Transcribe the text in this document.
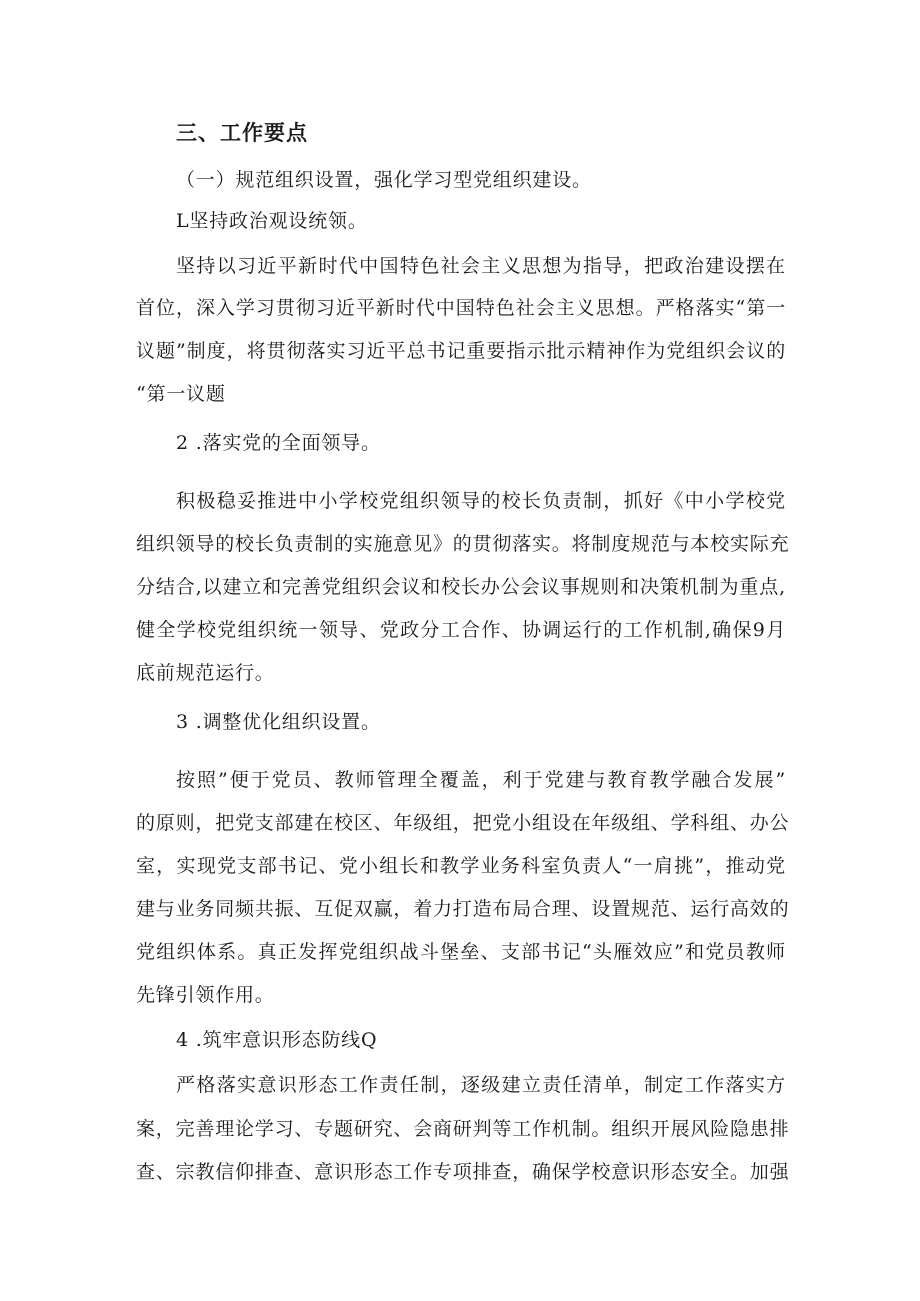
三、工作要点
（一）规范组织设置，强化学习型党组织建设。
L坚持政治观设统领。
坚持以习近平新时代中国特色社会主义思想为指导，把政治建设摆在
首位，深入学习贯彻习近平新时代中国特色社会主义思想。严格落实“第一
议题”制度，将贯彻落实习近平总书记重要指示批示精神作为党组织会议的
“第一议题
2 .落实党的全面领导。
积极稳妥推进中小学校党组织领导的校长负责制，抓好《中小学校党
组织领导的校长负责制的实施意见》的贯彻落实。将制度规范与本校实际充
分结合,以建立和完善党组织会议和校长办公会议事规则和决策机制为重点,
健全学校党组织统一领导、党政分工合作、协调运行的工作机制,确保9月
底前规范运行。
3 .调整优化组织设置。
按照”便于党员、教师管理全覆盖，利于党建与教育教学融合发展”
的原则，把党支部建在校区、年级组，把党小组设在年级组、学科组、办公
室，实现党支部书记、党小组长和教学业务科室负责人“一肩挑”，推动党
建与业务同频共振、互促双赢，着力打造布局合理、设置规范、运行高效的
党组织体系。真正发挥党组织战斗堡垒、支部书记“头雁效应”和党员教师
先锋引领作用。
4 .筑牢意识形态防线Q
严格落实意识形态工作责任制，逐级建立责任清单，制定工作落实方
案，完善理论学习、专题研究、会商研判等工作机制。组织开展风险隐患排
查、宗教信仰排查、意识形态工作专项排查，确保学校意识形态安全。加强
